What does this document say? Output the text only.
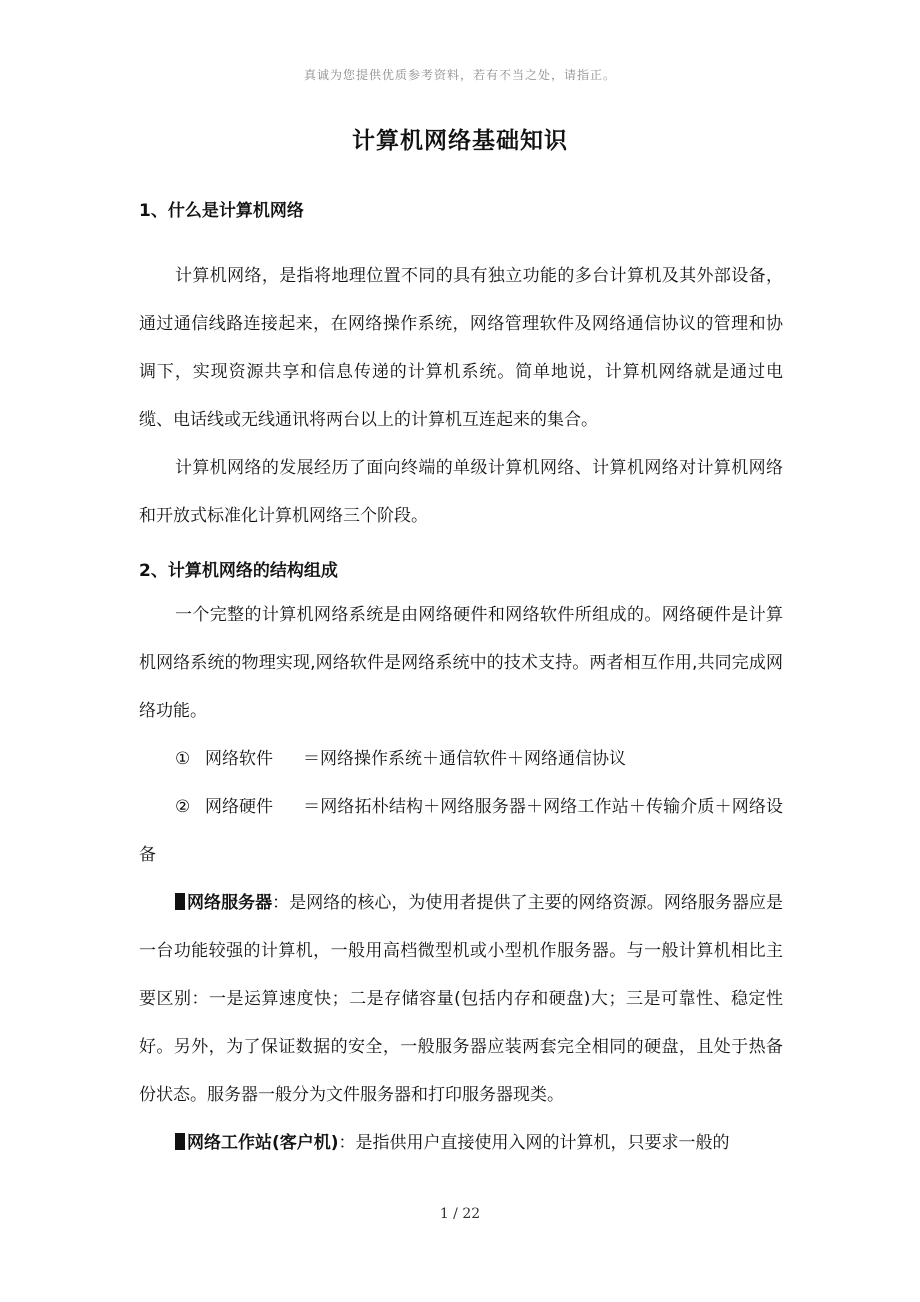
真诚为您提供优质参考资料，若有不当之处，请指正。
计算机网络基础知识
1、什么是计算机网络

计算机网络，是指将地理位置不同的具有独立功能的多台计算机及其外部设备，通过通信线路连接起来，在网络操作系统，网络管理软件及网络通信协议的管理和协调下，实现资源共享和信息传递的计算机系统。简单地说，计算机网络就是通过电缆、电话线或无线通讯将两台以上的计算机互连起来的集合。

计算机网络的发展经历了面向终端的单级计算机网络、计算机网络对计算机网络和开放式标准化计算机网络三个阶段。

2、计算机网络的结构组成

一个完整的计算机网络系统是由网络硬件和网络软件所组成的。网络硬件是计算机网络系统的物理实现,网络软件是网络系统中的技术支持。两者相互作用,共同完成网络功能。

① 网络软件 ＝网络操作系统＋通信软件＋网络通信协议

② 网络硬件 ＝网络拓朴结构＋网络服务器＋网络工作站＋传输介质＋网络设备

网络服务器：是网络的核心，为使用者提供了主要的网络资源。网络服务器应是一台功能较强的计算机，一般用高档微型机或小型机作服务器。与一般计算机相比主要区别：一是运算速度快；二是存储容量(包括内存和硬盘)大；三是可靠性、稳定性好。另外，为了保证数据的安全，一般服务器应装两套完全相同的硬盘，且处于热备份状态。服务器一般分为文件服务器和打印服务器现类。

网络工作站(客户机)：是指供用户直接使用入网的计算机，只要求一般的

1 / 22
